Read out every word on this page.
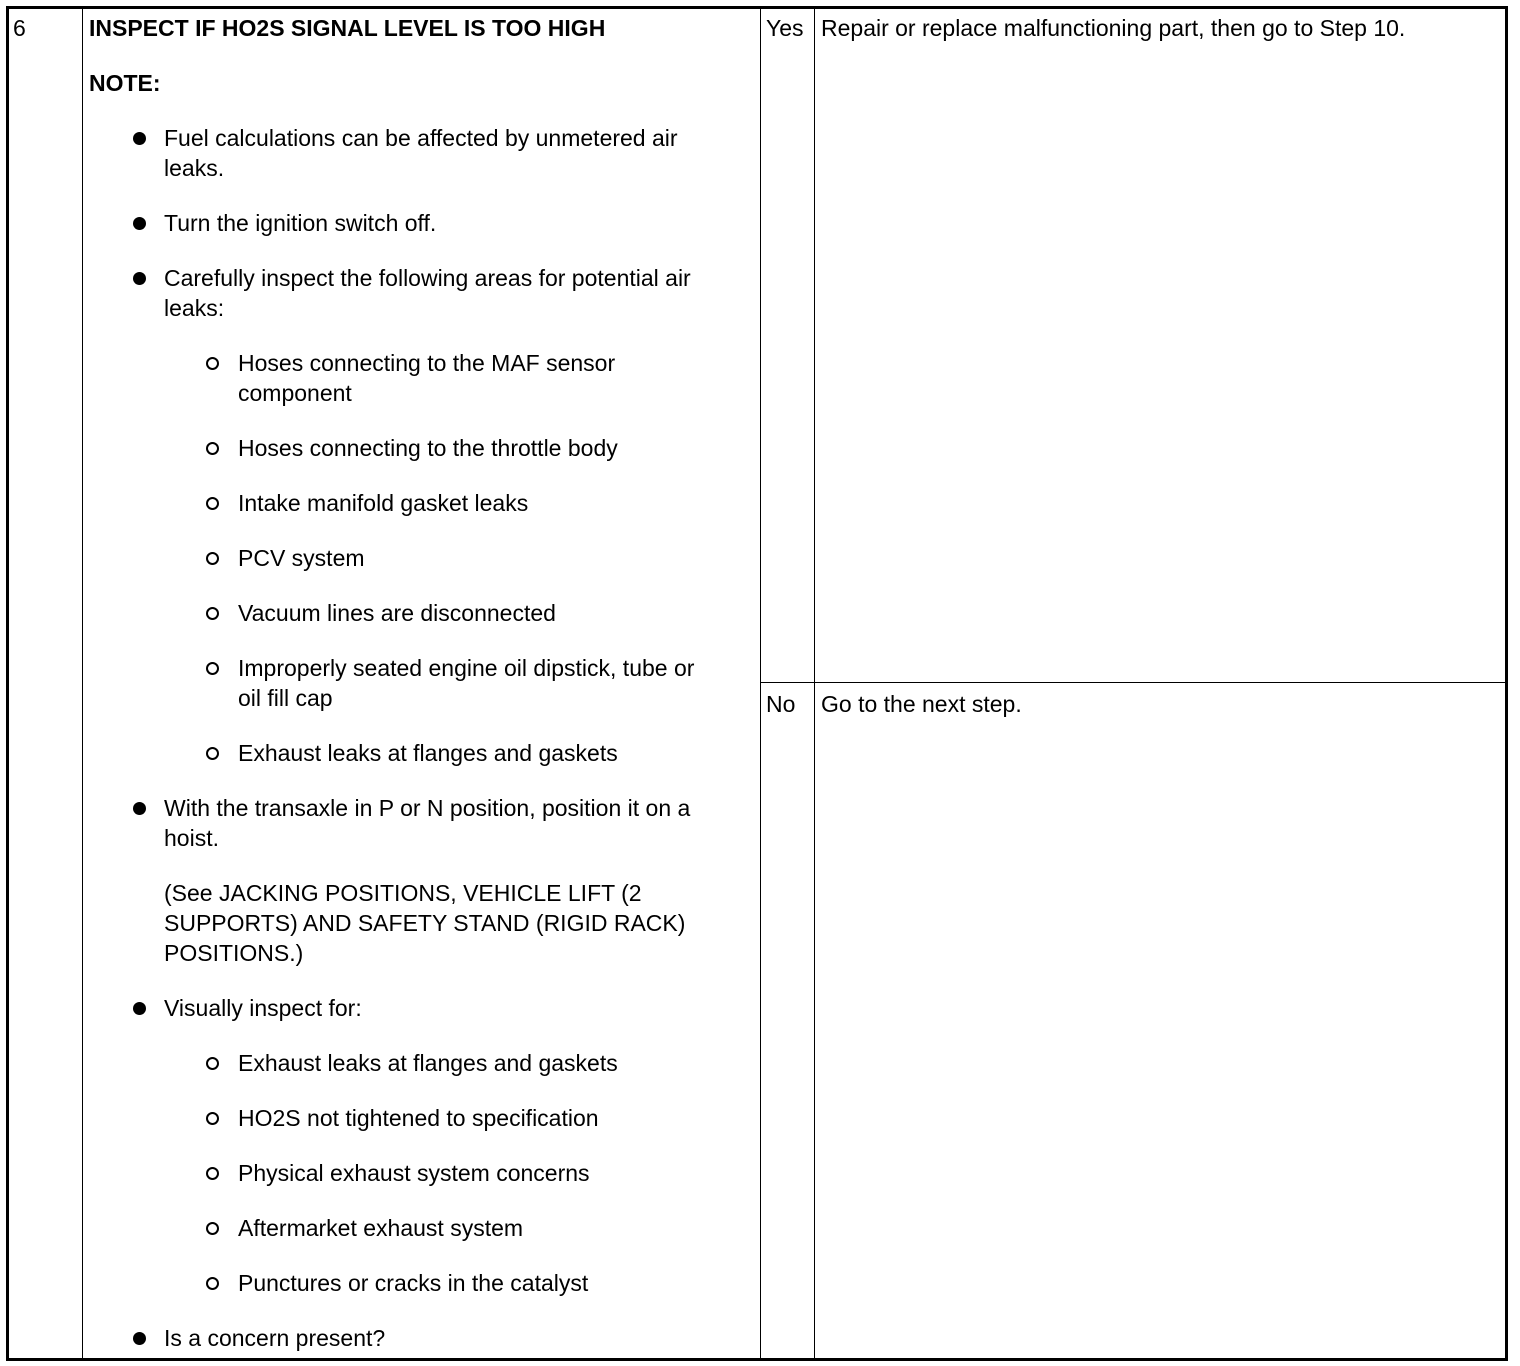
6	INSPECT IF HO2S SIGNAL LEVEL IS TOO HIGH
NOTE:
Fuel calculations can be affected by unmetered air leaks.
Turn the ignition switch off.
Carefully inspect the following areas for potential air leaks:
Hoses connecting to the MAF sensor component
Hoses connecting to the throttle body
Intake manifold gasket leaks
PCV system
Vacuum lines are disconnected
Improperly seated engine oil dipstick, tube or oil fill cap
Exhaust leaks at flanges and gaskets
With the transaxle in P or N position, position it on a hoist.
(See JACKING POSITIONS, VEHICLE LIFT (2 SUPPORTS) AND SAFETY STAND (RIGID RACK) POSITIONS.)
Visually inspect for:
Exhaust leaks at flanges and gaskets
HO2S not tightened to specification
Physical exhaust system concerns
Aftermarket exhaust system
Punctures or cracks in the catalyst
Is a concern present?
Yes Repair or replace malfunctioning part, then go to Step 10.
No Go to the next step.
